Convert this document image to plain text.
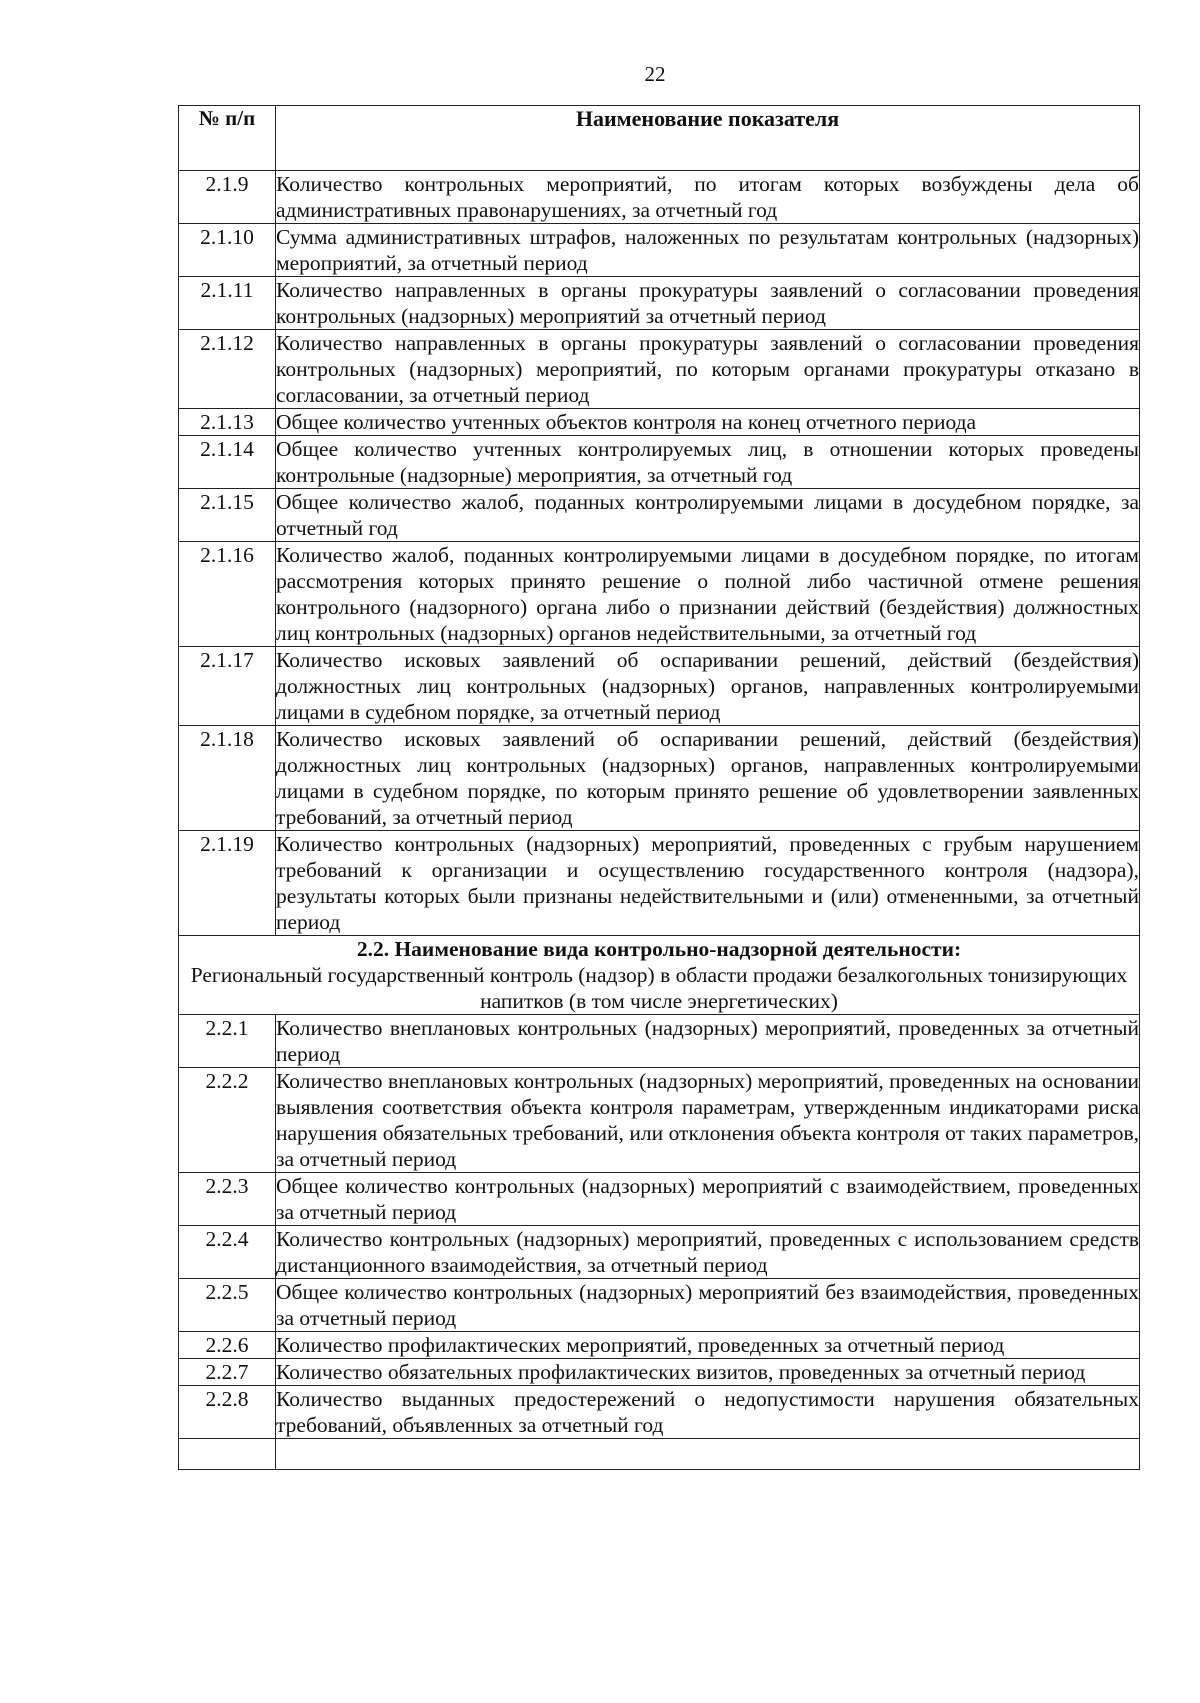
22
№ п/п	Наименование показателя
2.1.9	Количество контрольных мероприятий, по итогам которых возбуждены дела об административных правонарушениях, за отчетный год
2.1.10	Сумма административных штрафов, наложенных по результатам контрольных (надзорных) мероприятий, за отчетный период
2.1.11	Количество направленных в органы прокуратуры заявлений о согласовании проведения контрольных (надзорных) мероприятий за отчетный период
2.1.12	Количество направленных в органы прокуратуры заявлений о согласовании проведения контрольных (надзорных) мероприятий, по которым органами прокуратуры отказано в согласовании, за отчетный период
2.1.13	Общее количество учтенных объектов контроля на конец отчетного периода
2.1.14	Общее количество учтенных контролируемых лиц, в отношении которых проведены контрольные (надзорные) мероприятия, за отчетный год
2.1.15	Общее количество жалоб, поданных контролируемыми лицами в досудебном порядке, за отчетный год
2.1.16	Количество жалоб, поданных контролируемыми лицами в досудебном порядке, по итогам рассмотрения которых принято решение о полной либо частичной отмене решения контрольного (надзорного) органа либо о признании действий (бездействия) должностных лиц контрольных (надзорных) органов недействительными, за отчетный год
2.1.17	Количество исковых заявлений об оспаривании решений, действий (бездействия) должностных лиц контрольных (надзорных) органов, направленных контролируемыми лицами в судебном порядке, за отчетный период
2.1.18	Количество исковых заявлений об оспаривании решений, действий (бездействия) должностных лиц контрольных (надзорных) органов, направленных контролируемыми лицами в судебном порядке, по которым принято решение об удовлетворении заявленных требований, за отчетный период
2.1.19	Количество контрольных (надзорных) мероприятий, проведенных с грубым нарушением требований к организации и осуществлению государственного контроля (надзора), результаты которых были признаны недействительными и (или) отмененными, за отчетный период

2.2. Наименование вида контрольно-надзорной деятельности:
Региональный государственный контроль (надзор) в области продажи безалкогольных тонизирующих напитков (в том числе энергетических)	

2.2.1	Количество внеплановых контрольных (надзорных) мероприятий, проведенных за отчетный период
2.2.2	Количество внеплановых контрольных (надзорных) мероприятий, проведенных на основании выявления соответствия объекта контроля параметрам, утвержденным индикаторами риска нарушения обязательных требований, или отклонения объекта контроля от таких параметров, за отчетный период
2.2.3	Общее количество контрольных (надзорных) мероприятий с взаимодействием, проведенных за отчетный период
2.2.4	Количество контрольных (надзорных) мероприятий, проведенных с использованием средств дистанционного взаимодействия, за отчетный период
2.2.5	Общее количество контрольных (надзорных) мероприятий без взаимодействия, проведенных за отчетный период
2.2.6	Количество профилактических мероприятий, проведенных за отчетный период
2.2.7	Количество обязательных профилактических визитов, проведенных за отчетный период
2.2.8	Количество выданных предостережений о недопустимости нарушения обязательных требований, объявленных за отчетный год
